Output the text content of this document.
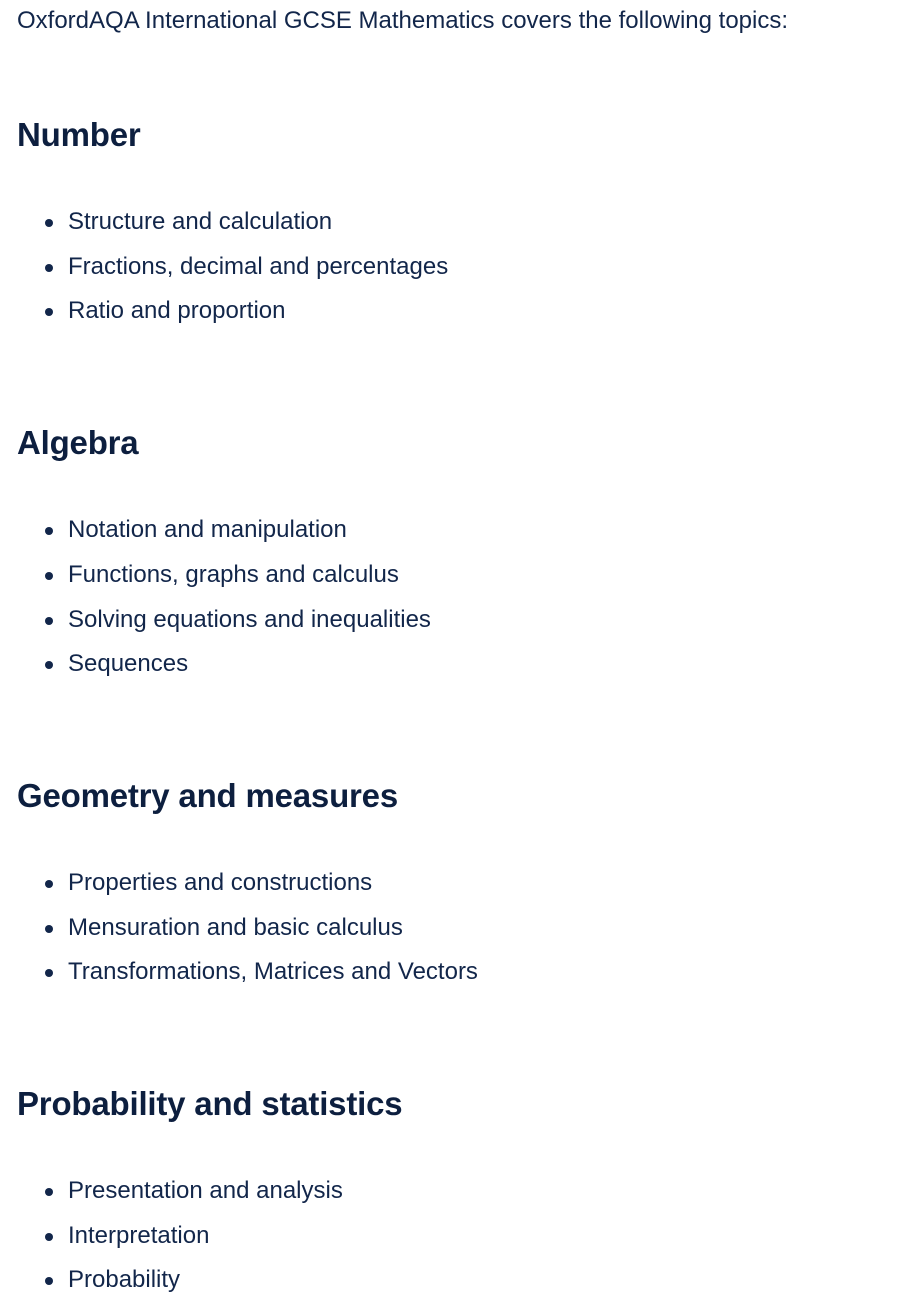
OxfordAQA International GCSE Mathematics covers the following topics:

Number
Structure and calculation
Fractions, decimal and percentages
Ratio and proportion
Algebra
Notation and manipulation
Functions, graphs and calculus
Solving equations and inequalities
Sequences
Geometry and measures
Properties and constructions
Mensuration and basic calculus
Transformations, Matrices and Vectors
Probability and statistics
Presentation and analysis
Interpretation
Probability
